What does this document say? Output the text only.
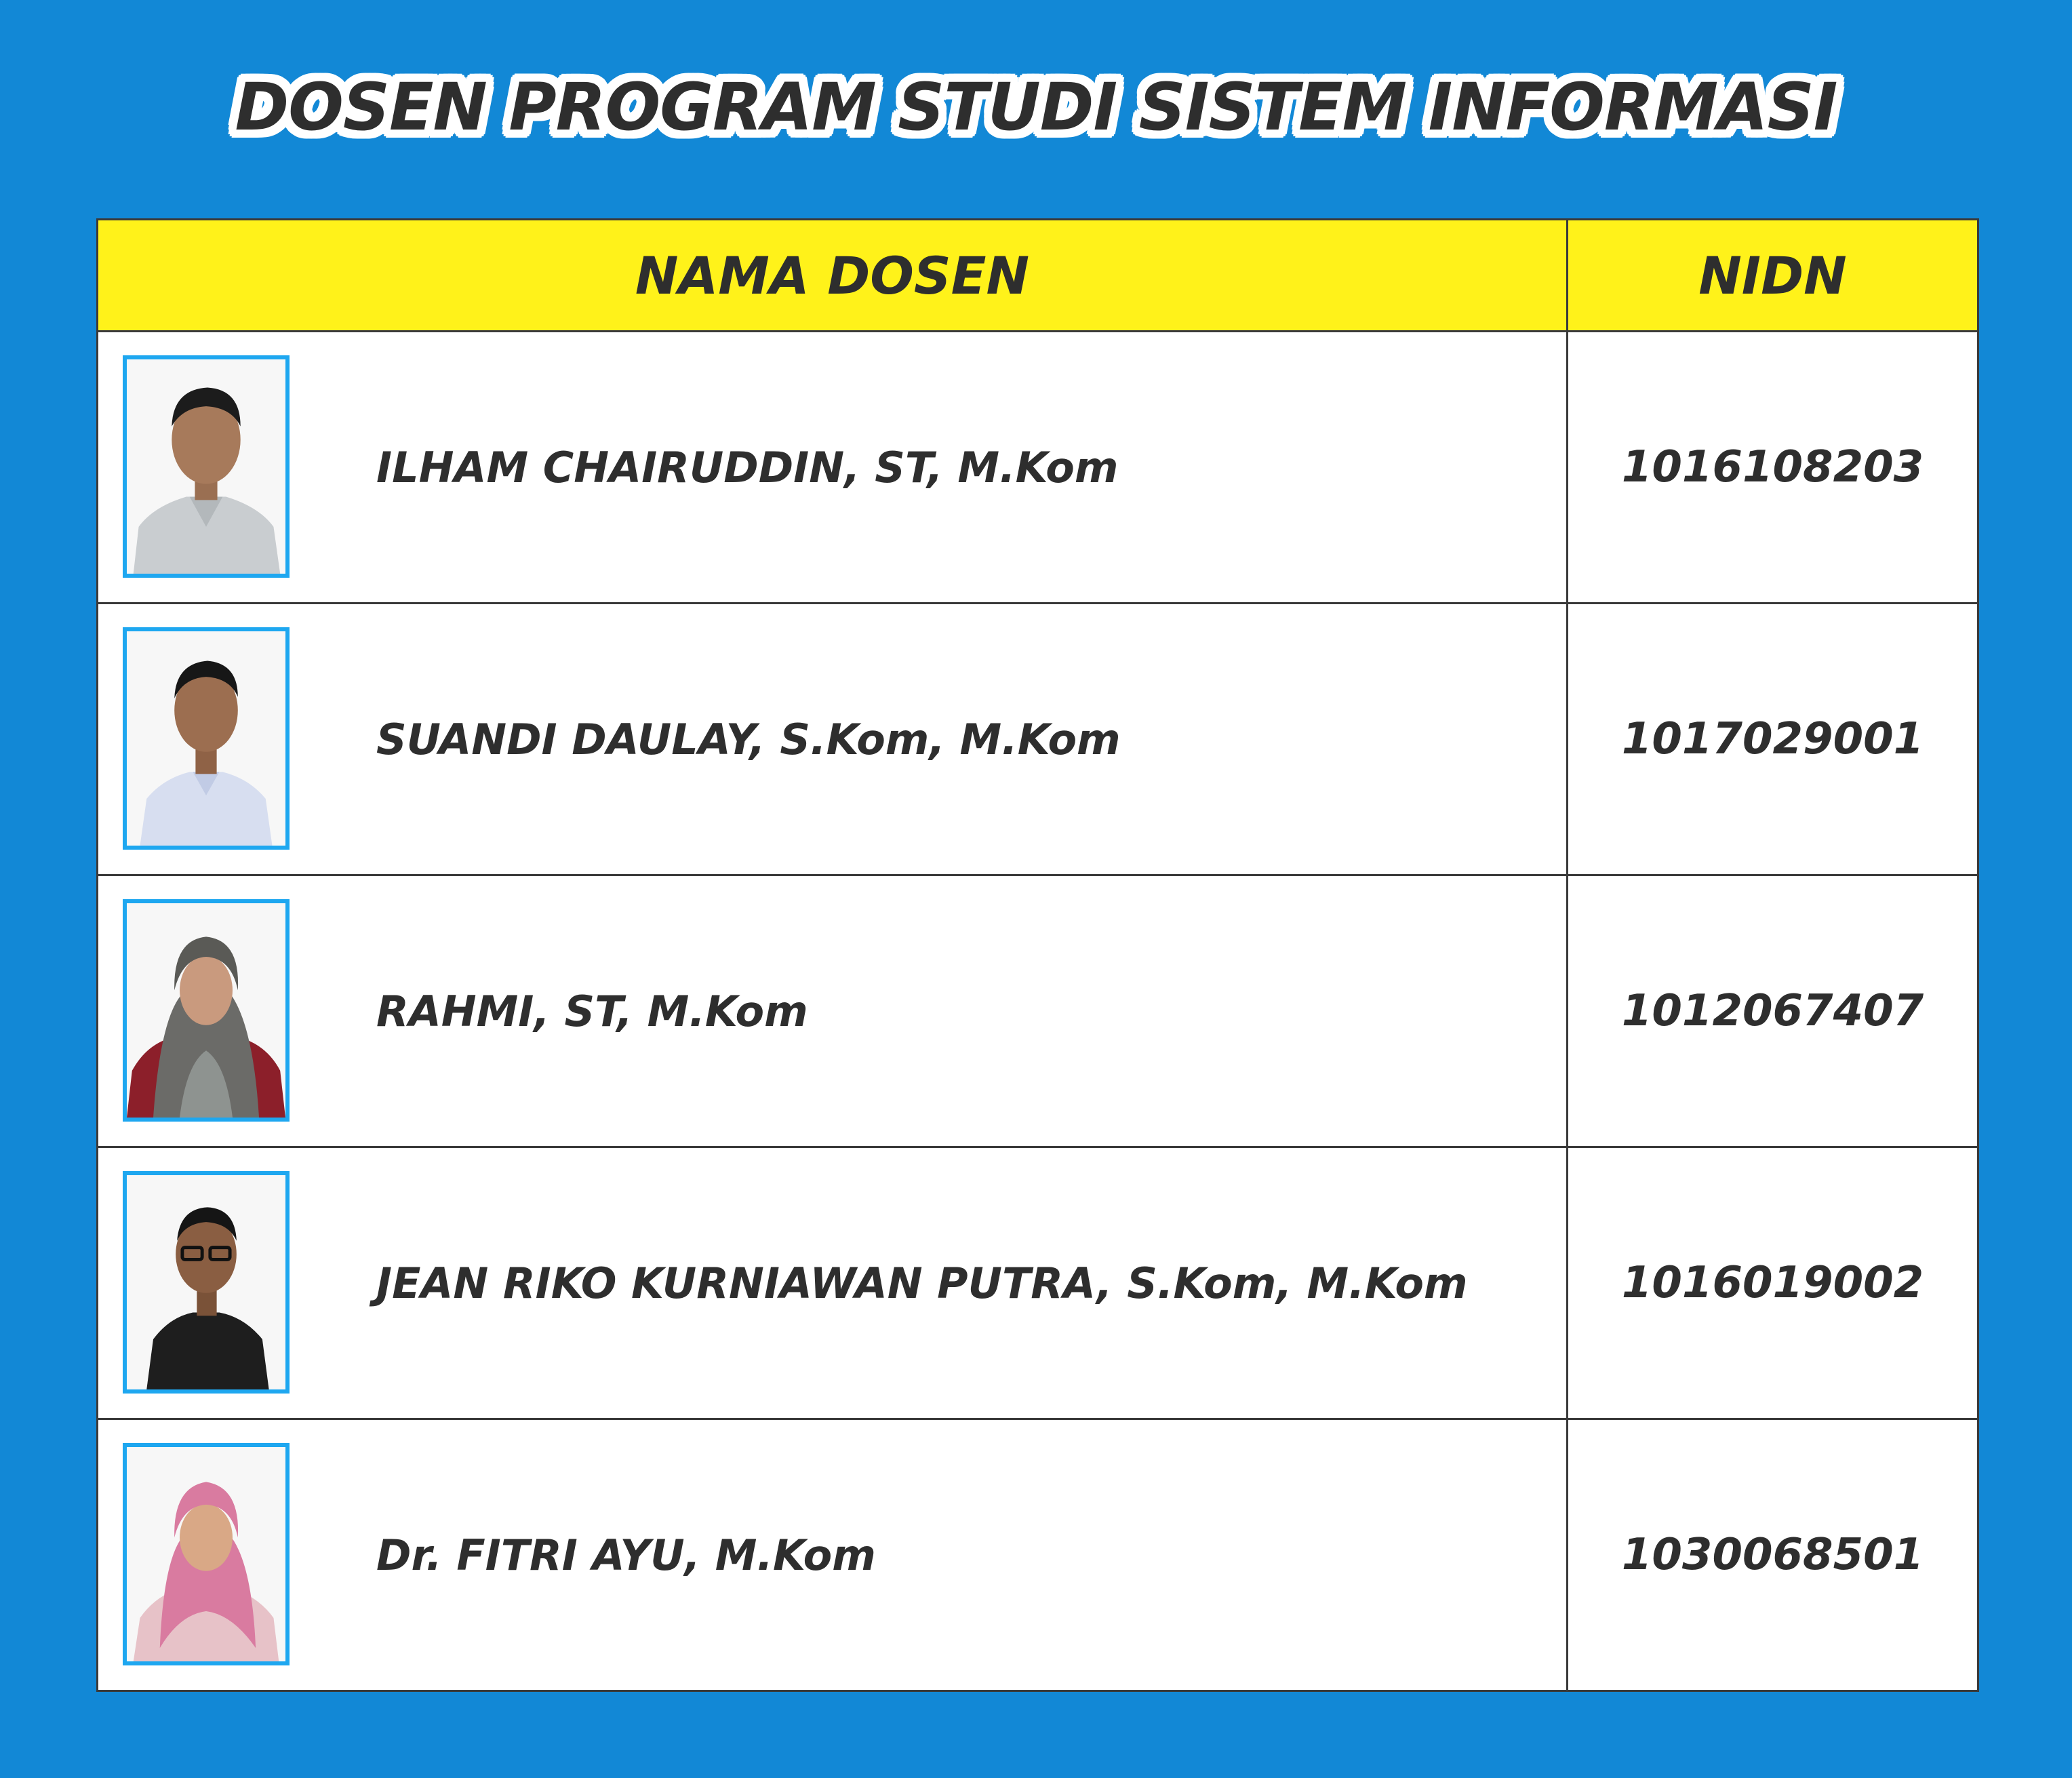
DOSEN PROGRAM STUDI SISTEM INFORMASI
NAMA DOSEN	NIDN

ILHAM CHAIRUDDIN, ST, M.Kom	1016108203

SUANDI DAULAY, S.Kom, M.Kom	1017029001

RAHMI, ST, M.Kom	1012067407

JEAN RIKO KURNIAWAN PUTRA, S.Kom, M.Kom	1016019002

Dr. FITRI AYU, M.Kom	1030068501
